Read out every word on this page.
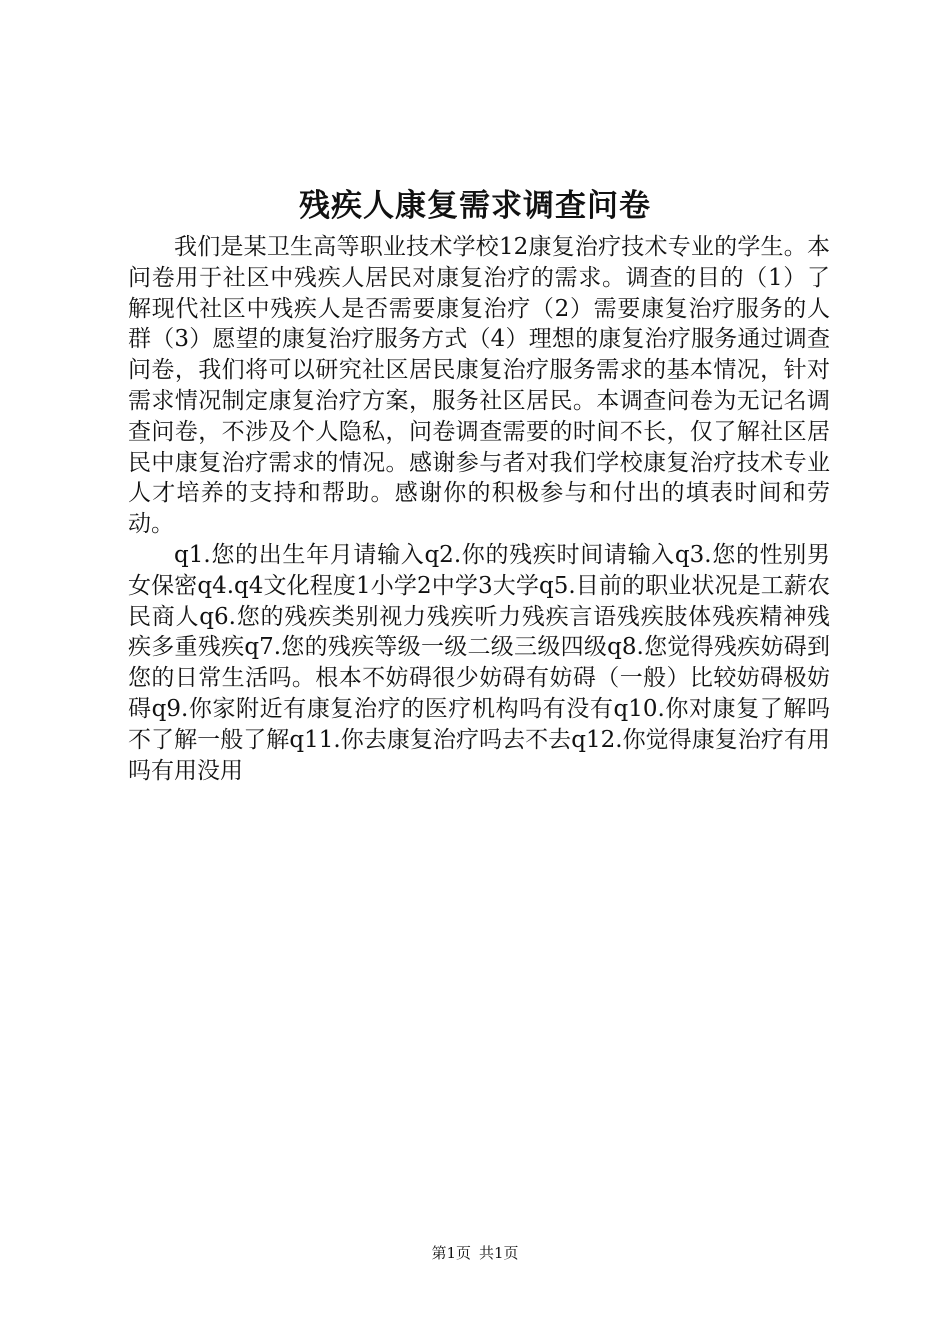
残疾人康复需求调查问卷

我们是某卫生高等职业技术学校12康复治疗技术专业的学生。本问卷用于社区中残疾人居民对康复治疗的需求。调查的目的（1）了解现代社区中残疾人是否需要康复治疗（2）需要康复治疗服务的人群（3）愿望的康复治疗服务方式（4）理想的康复治疗服务通过调查问卷，我们将可以研究社区居民康复治疗服务需求的基本情况，针对需求情况制定康复治疗方案，服务社区居民。本调查问卷为无记名调查问卷，不涉及个人隐私，问卷调查需要的时间不长，仅了解社区居民中康复治疗需求的情况。感谢参与者对我们学校康复治疗技术专业人才培养的支持和帮助。感谢你的积极参与和付出的填表时间和劳动。

q1.您的出生年月请输入q2.你的残疾时间请输入q3.您的性别男女保密q4.q4文化程度1小学2中学3大学q5.目前的职业状况是工薪农民商人q6.您的残疾类别视力残疾听力残疾言语残疾肢体残疾精神残疾多重残疾q7.您的残疾等级一级二级三级四级q8.您觉得残疾妨碍到您的日常生活吗。根本不妨碍很少妨碍有妨碍（一般）比较妨碍极妨碍q9.你家附近有康复治疗的医疗机构吗有没有q10.你对康复了解吗不了解一般了解q11.你去康复治疗吗去不去q12.你觉得康复治疗有用吗有用没用

第1页 共1页
